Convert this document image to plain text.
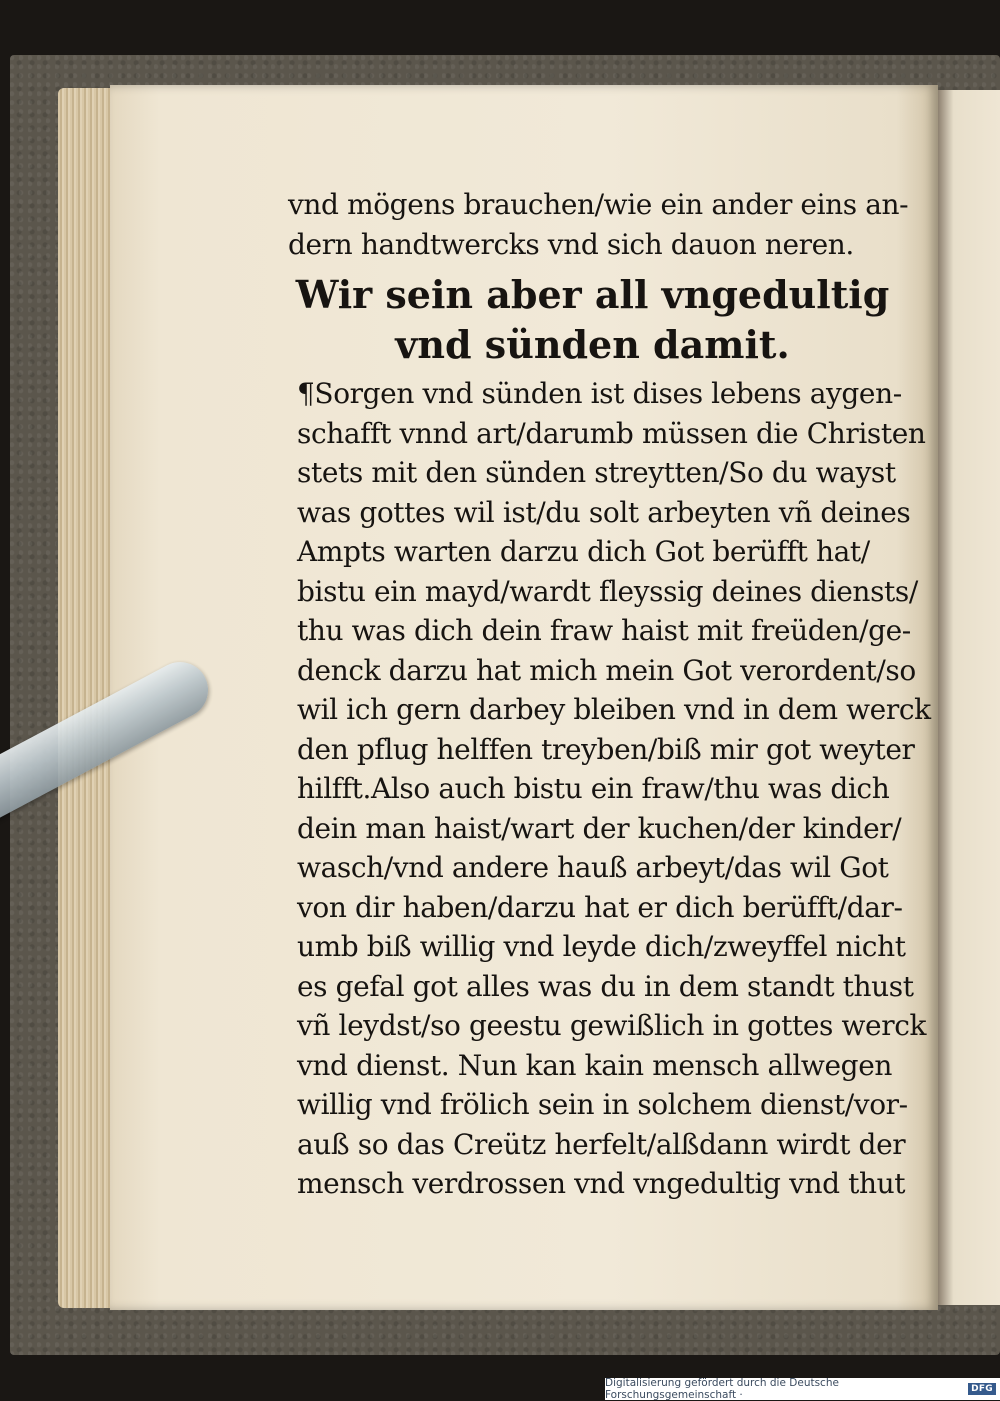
vnd mögens brauchen/wie ein ander eins an-
dern handtwercks vnd sich dauon neren.
Wir sein aber all vngedultig
vnd sünden damit.
¶Sorgen vnd sünden ist dises lebens aygen-
schafft vnnd art/darumb müssen die Christen
stets mit den sünden streytten/So du wayst
was gottes wil ist/du solt arbeyten vñ deines
Ampts warten darzu dich Got berüfft hat/
bistu ein mayd/wardt fleyssig deines diensts/
thu was dich dein fraw haist mit freüden/ge-
denck darzu hat mich mein Got verordent/so
wil ich gern darbey bleiben vnd in dem werck
den pflug helffen treyben/biß mir got weyter
hilfft.Also auch bistu ein fraw/thu was dich
dein man haist/wart der kuchen/der kinder/
wasch/vnd andere hauß arbeyt/das wil Got
von dir haben/darzu hat er dich berüfft/dar-
umb biß willig vnd leyde dich/zweyffel nicht
es gefal got alles was du in dem standt thust
vñ leydst/so geestu gewißlich in gottes werck
vnd dienst. Nun kan kain mensch allwegen
willig vnd frölich sein in solchem dienst/vor-
auß so das Creütz herfelt/alßdann wirdt der
mensch verdrossen vnd vngedultig vnd thut
Digitalisierung gefördert durch die Deutsche Forschungsgemeinschaft ·	DFG
